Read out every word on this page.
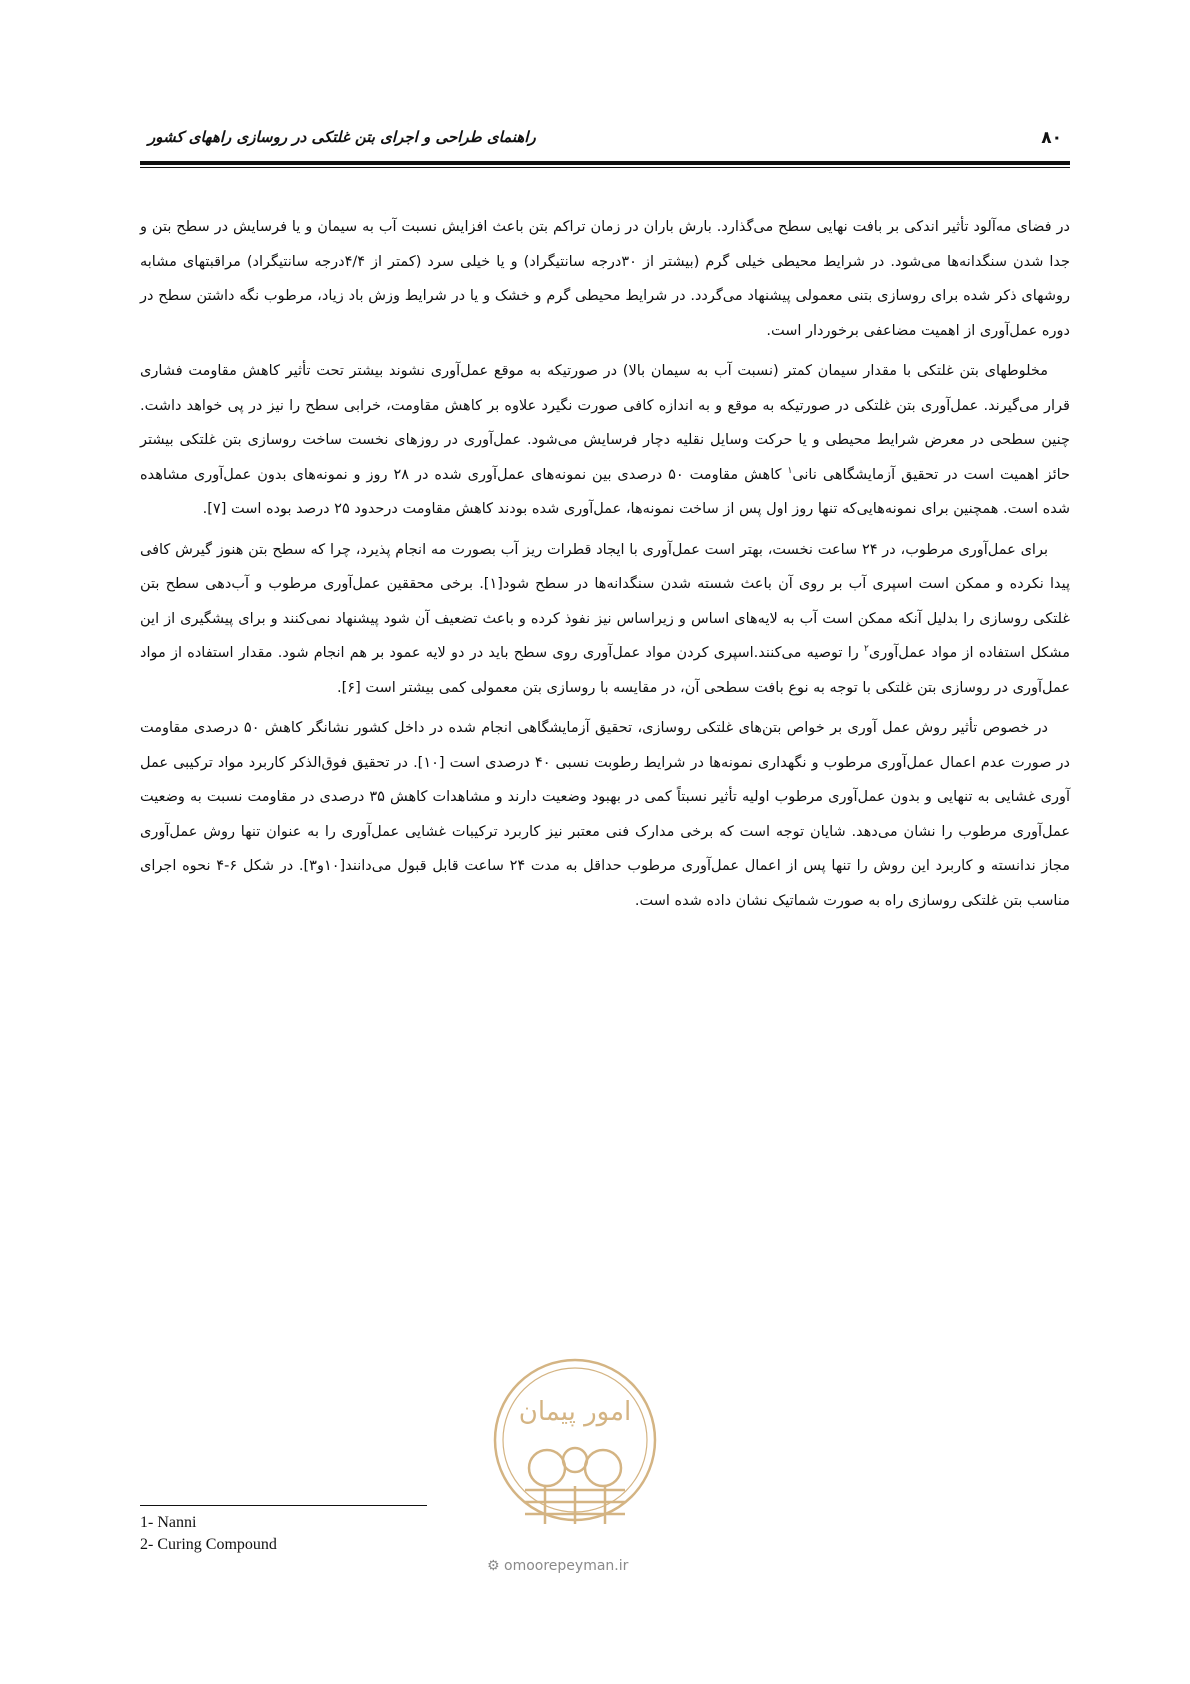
۸۰
راهنمای طراحی و اجرای بتن غلتکی در روسازی راههای کشور

در فضای مه‌آلود تأثیر اندکی بر بافت نهایی سطح می‌گذارد. بارش باران در زمان تراکم بتن باعث افزایش نسبت آب به سیمان و یا فرسایش در سطح بتن و جدا شدن سنگدانه‌ها می‌شود. در شرایط محیطی خیلی گرم (بیشتر از ۳۰درجه سانتیگراد) و یا خیلی سرد (کمتر از ۴/۴درجه سانتیگراد) مراقبتهای مشابه روشهای ذکر شده برای روسازی بتنی معمولی پیشنهاد می‌گردد. در شرایط محیطی گرم و خشک و یا در شرایط وزش باد زیاد، مرطوب نگه داشتن سطح در دوره عمل‌آوری از اهمیت مضاعفی برخوردار است.

مخلوطهای بتن غلتکی با مقدار سیمان کمتر (نسبت آب به سیمان بالا) در صورتیکه به موقع عمل‌آوری نشوند بیشتر تحت تأثیر کاهش مقاومت فشاری قرار می‌گیرند. عمل‌آوری بتن غلتکی در صورتیکه به موقع و به اندازه کافی صورت نگیرد علاوه بر کاهش مقاومت، خرابی سطح را نیز در پی خواهد داشت. چنین سطحی در معرض شرایط محیطی و یا حرکت وسایل نقلیه دچار فرسایش می‌شود. عمل‌آوری در روزهای نخست ساخت روسازی بتن غلتکی بیشتر حائز اهمیت است در تحقیق آزمایشگاهی نانی$^۱$ کاهش مقاومت ۵۰ درصدی بین نمونه‌های عمل‌آوری شده در ۲۸ روز و نمونه‌های بدون عمل‌آوری مشاهده شده است. همچنین برای نمونه‌هایی‌که تنها روز اول پس از ساخت نمونه‌ها، عمل‌آوری شده بودند کاهش مقاومت درحدود ۲۵ درصد بوده است [۷].

برای عمل‌آوری مرطوب، در ۲۴ ساعت نخست، بهتر است عمل‌آوری با ایجاد قطرات ریز آب بصورت مه انجام پذیرد، چرا که سطح بتن هنوز گیرش کافی پیدا نکرده و ممکن است اسپری آب بر روی آن باعث شسته شدن سنگدانه‌ها در سطح شود[۱]. برخی محققین عمل‌آوری مرطوب و آب‌دهی سطح بتن غلتکی روسازی را بدلیل آنکه ممکن است آب به لایه‌های اساس و زیراساس نیز نفوذ کرده و باعث تضعیف آن شود پیشنهاد نمی‌کنند و برای پیشگیری از این مشکل استفاده از مواد عمل‌آوری$^۲$ را توصیه می‌کنند.اسپری کردن مواد عمل‌آوری روی سطح باید در دو لایه عمود بر هم انجام شود. مقدار استفاده از مواد عمل‌آوری در روسازی بتن غلتکی با توجه به نوع بافت سطحی آن، در مقایسه با روسازی بتن معمولی کمی بیشتر است [۶].

در خصوص تأثیر روش عمل آوری بر خواص بتن‌های غلتکی روسازی، تحقیق آزمایشگاهی انجام شده در داخل کشور نشانگر کاهش ۵۰ درصدی مقاومت در صورت عدم اعمال عمل‌آوری مرطوب و نگهداری نمونه‌ها در شرایط رطوبت نسبی ۴۰ درصدی است [۱۰]. در تحقیق فوق‌الذکر کاربرد مواد ترکیبی عمل آوری غشایی به تنهایی و بدون عمل‌آوری مرطوب اولیه تأثیر نسبتاً کمی در بهبود وضعیت دارند و مشاهدات کاهش ۳۵ درصدی در مقاومت نسبت به وضعیت عمل‌آوری مرطوب را نشان می‌دهد. شایان توجه است که برخی مدارک فنی معتبر نیز کاربرد ترکیبات غشایی عمل‌آوری را به عنوان تنها روش عمل‌آوری مجاز ندانسته و کاربرد این روش را تنها پس از اعمال عمل‌آوری مرطوب حداقل به مدت ۲۴ ساعت قابل قبول می‌دانند[۱۰و۳]. در شکل ۶-۴ نحوه اجرای مناسب بتن غلتکی روسازی راه به صورت شماتیک نشان داده شده است.

امور پیمان
⚙ omoorepeyman.ir
1- Nanni
2- Curing Compound
